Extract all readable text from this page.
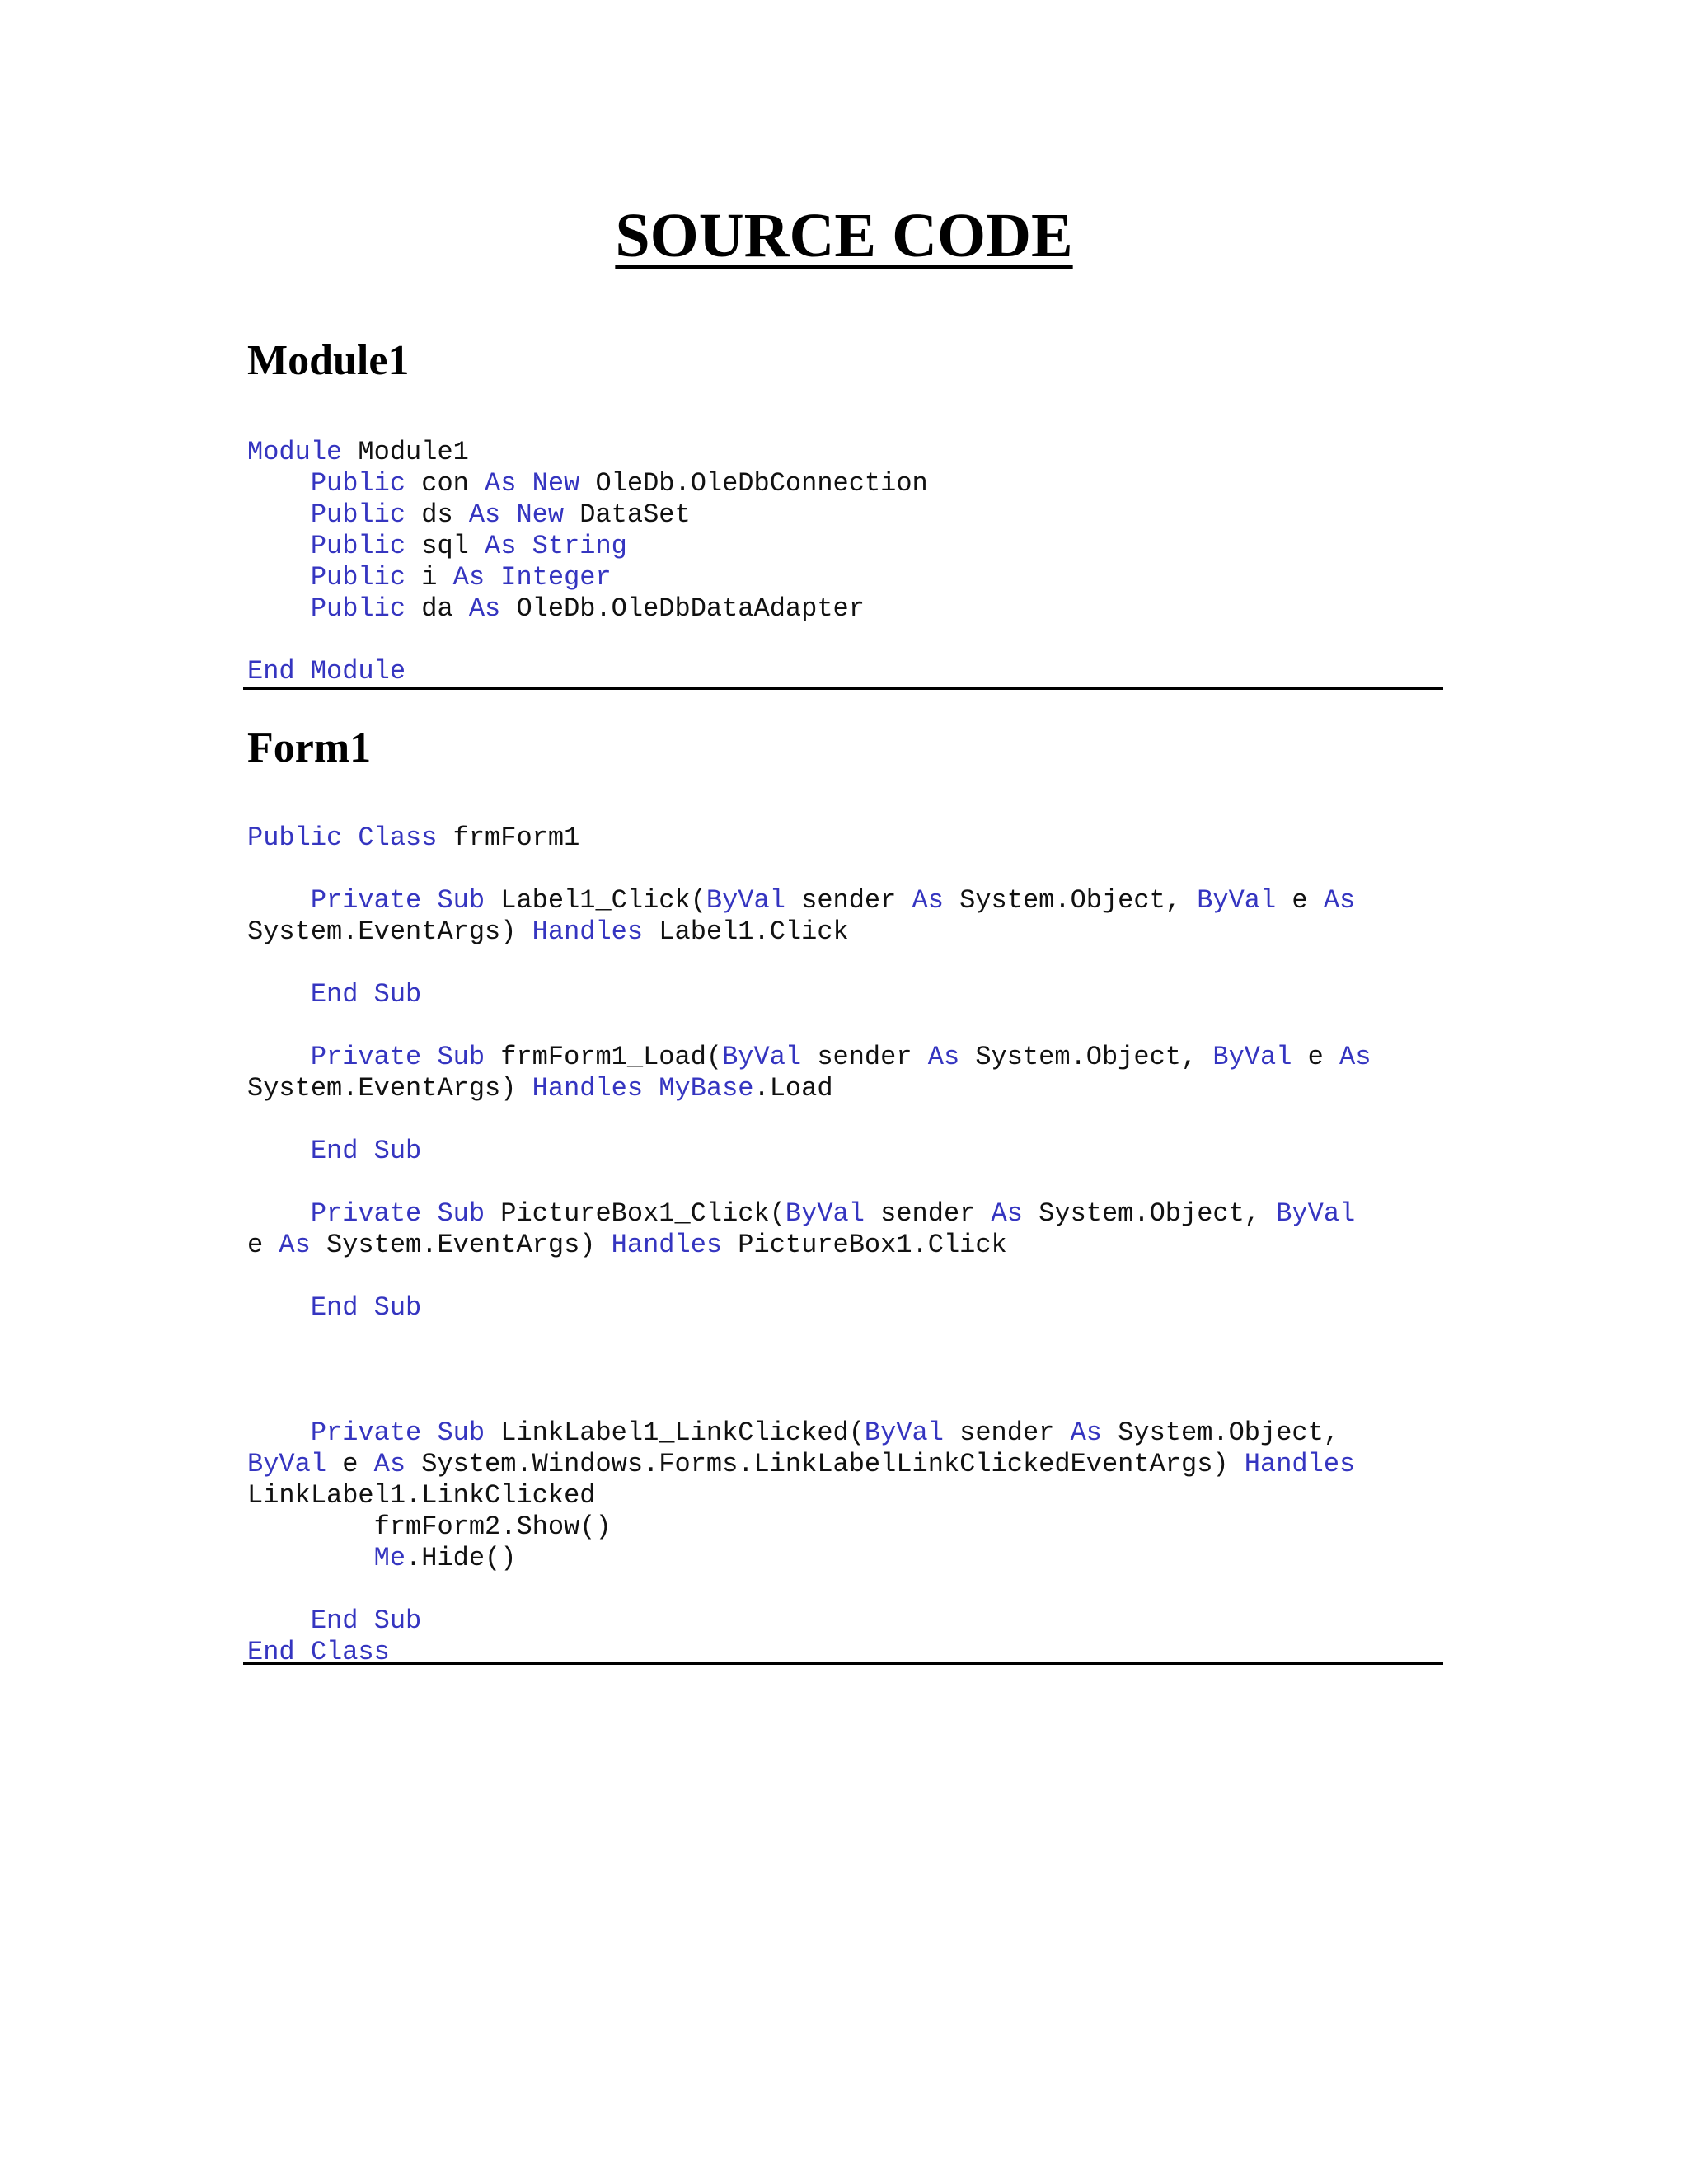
SOURCE CODE
Module1
Module Module1
Public con As New OleDb.OleDbConnection
Public ds As New DataSet
Public sql As String
Public i As Integer
Public da As OleDb.OleDbDataAdapter
End Module
Form1
Public Class frmForm1
Private Sub Label1_Click(ByVal sender As System.Object, ByVal e As
System.EventArgs) Handles Label1.Click
End Sub
Private Sub frmForm1_Load(ByVal sender As System.Object, ByVal e As
System.EventArgs) Handles MyBase.Load
End Sub
Private Sub PictureBox1_Click(ByVal sender As System.Object, ByVal
e As System.EventArgs) Handles PictureBox1.Click
End Sub
Private Sub LinkLabel1_LinkClicked(ByVal sender As System.Object,
ByVal e As System.Windows.Forms.LinkLabelLinkClickedEventArgs) Handles
LinkLabel1.LinkClicked
frmForm2.Show()
Me.Hide()
End Sub
End Class
